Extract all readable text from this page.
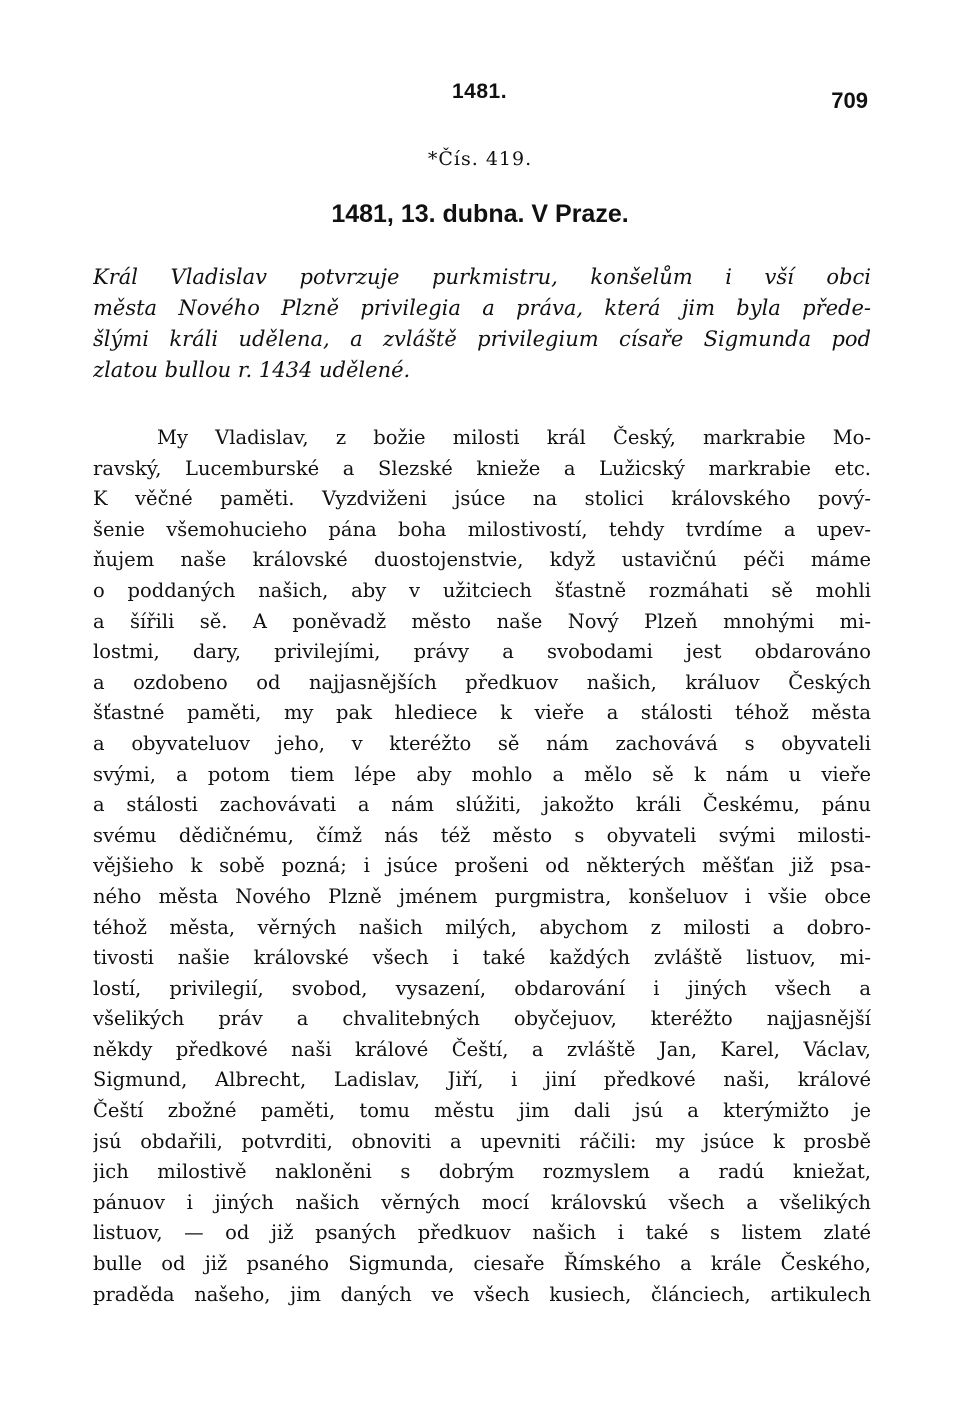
1481.	709
*Čís. 419.
1481, 13. dubna. V Praze.
Král Vladislav potvrzuje purkmistru, konšelům i vší obci
města Nového Plzně privilegia a práva, která jim byla přede-
šlými králi udělena, a zvláště privilegium císaře Sigmunda pod
zlatou bullou r. 1434 udělené.
My Vladislav, z božie milosti král Český, markrabie Mo-
ravský, Lucemburské a Slezské knieže a Lužicský markrabie etc.
K věčné paměti. Vyzdviženi jsúce na stolici královského pový-
šenie všemohucieho pána boha milostivostí, tehdy tvrdíme a upev-
ňujem naše královské duostojenstvie, když ustavičnú péči máme
o poddaných našich, aby v užitciech šťastně rozmáhati sě mohli
a šířili sě. A poněvadž město naše Nový Plzeň mnohými mi-
lostmi, dary, privilejími, právy a svobodami jest obdarováno
a ozdobeno od najjasnějších předkuov našich, králuov Českých
šťastné paměti, my pak hlediece k vieře a stálosti téhož města
a obyvateluov jeho, v kteréžto sě nám zachovává s obyvateli
svými, a potom tiem lépe aby mohlo a mělo sě k nám u vieře
a stálosti zachovávati a nám slúžiti, jakožto králi Českému, pánu
svému dědičnému, čímž nás též město s obyvateli svými milosti-
vějšieho k sobě pozná; i jsúce prošeni od některých měšťan již psa-
ného města Nového Plzně jménem purgmistra, konšeluov i všie obce
téhož města, věrných našich milých, abychom z milosti a dobro-
tivosti našie královské všech i také každých zvláště listuov, mi-
lostí, privilegií, svobod, vysazení, obdarování i jiných všech a
všelikých práv a chvalitebných obyčejuov, kteréžto najjasnější
někdy předkové naši králové Čeští, a zvláště Jan, Karel, Václav,
Sigmund, Albrecht, Ladislav, Jiří, i jiní předkové naši, králové
Čeští zbožné paměti, tomu městu jim dali jsú a kterýmižto je
jsú obdařili, potvrditi, obnoviti a upevniti ráčili: my jsúce k prosbě
jich milostivě nakloněni s dobrým rozmyslem a radú kniežat,
pánuov i jiných našich věrných mocí královskú všech a všelikých
listuov, — od již psaných předkuov našich i také s listem zlaté
bulle od již psaného Sigmunda, ciesaře Římského a krále Českého,
praděda našeho, jim daných ve všech kusiech, článciech, artikulech
